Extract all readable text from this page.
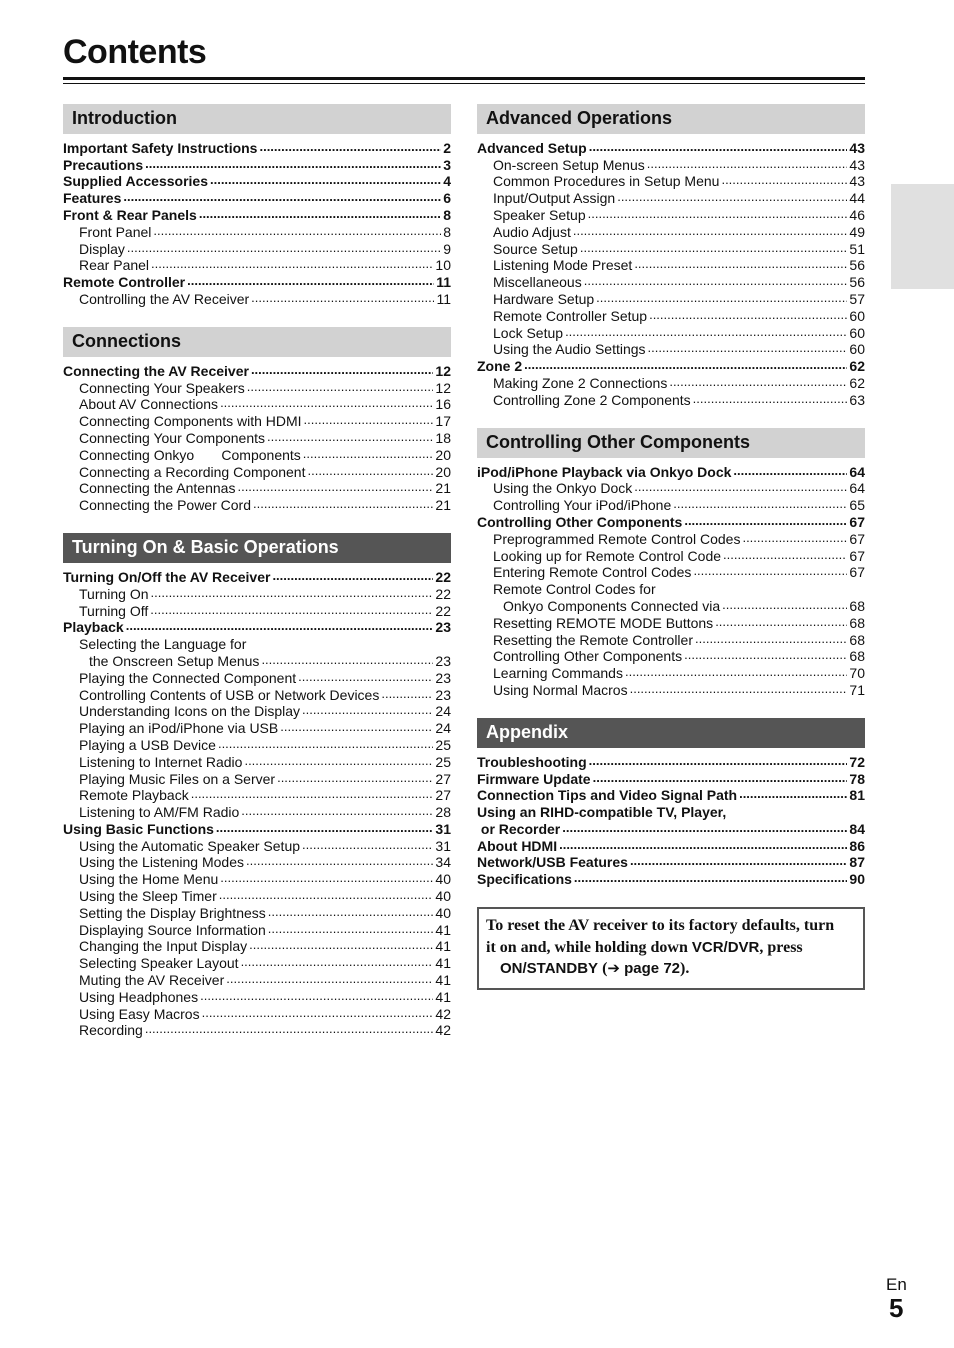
Contents
Introduction
Important Safety Instructions .....	2
Precautions .....	3
Supplied Accessories .....	4
Features .....	6
Front & Rear Panels .....	8
Front Panel .....	8
Display .....	9
Rear Panel .....	10
Remote Controller .....	11
Controlling the AV Receiver .....	11
Connections
Connecting the AV Receiver .....	12
Connecting Your Speakers .....	12
About AV Connections .....	16
Connecting Components with HDMI .....	17
Connecting Your Components .....	18
Connecting Onkyo       Components .....	20
Connecting a Recording Component .....	20
Connecting the Antennas .....	21
Connecting the Power Cord .....	21
Turning On & Basic Operations
Turning On/Off the AV Receiver .....	22
Turning On .....	22
Turning Off .....	22
Playback .....	23
Selecting the Language for
the Onscreen Setup Menus .....	23
Playing the Connected Component .....	23
Controlling Contents of USB or Network Devices .....	23
Understanding Icons on the Display .....	24
Playing an iPod/iPhone via USB .....	24
Playing a USB Device .....	25
Listening to Internet Radio .....	25
Playing Music Files on a Server .....	27
Remote Playback .....	27
Listening to AM/FM Radio .....	28
Using Basic Functions .....	31
Using the Automatic Speaker Setup .....	31
Using the Listening Modes .....	34
Using the Home Menu .....	40
Using the Sleep Timer .....	40
Setting the Display Brightness .....	40
Displaying Source Information .....	41
Changing the Input Display .....	41
Selecting Speaker Layout .....	41
Muting the AV Receiver .....	41
Using Headphones .....	41
Using Easy Macros .....	42
Recording .....	42
Advanced Operations
Advanced Setup .....	43
On-screen Setup Menus .....	43
Common Procedures in Setup Menu .....	43
Input/Output Assign .....	44
Speaker Setup .....	46
Audio Adjust .....	49
Source Setup .....	51
Listening Mode Preset .....	56
Miscellaneous .....	56
Hardware Setup .....	57
Remote Controller Setup .....	60
Lock Setup .....	60
Using the Audio Settings .....	60
Zone 2 .....	62
Making Zone 2 Connections .....	62
Controlling Zone 2 Components .....	63
Controlling Other Components
iPod/iPhone Playback via Onkyo Dock .....	64
Using the Onkyo Dock .....	64
Controlling Your iPod/iPhone .....	65
Controlling Other Components .....	67
Preprogrammed Remote Control Codes .....	67
Looking up for Remote Control Code .....	67
Entering Remote Control Codes .....	67
Remote Control Codes for
Onkyo Components Connected via .....	68
Resetting REMOTE MODE Buttons .....	68
Resetting the Remote Controller .....	68
Controlling Other Components .....	68
Learning Commands .....	70
Using Normal Macros .....	71
Appendix
Troubleshooting .....	72
Firmware Update .....	78
Connection Tips and Video Signal Path .....	81
Using an RIHD-compatible TV, Player,
or Recorder .....	84
About HDMI .....	86
Network/USB Features .....	87
Specifications .....	90
To reset the AV receiver to its factory defaults, turn
it on and, while holding down VCR/DVR, press
ON/STANDBY (➔ page 72).
En
5
